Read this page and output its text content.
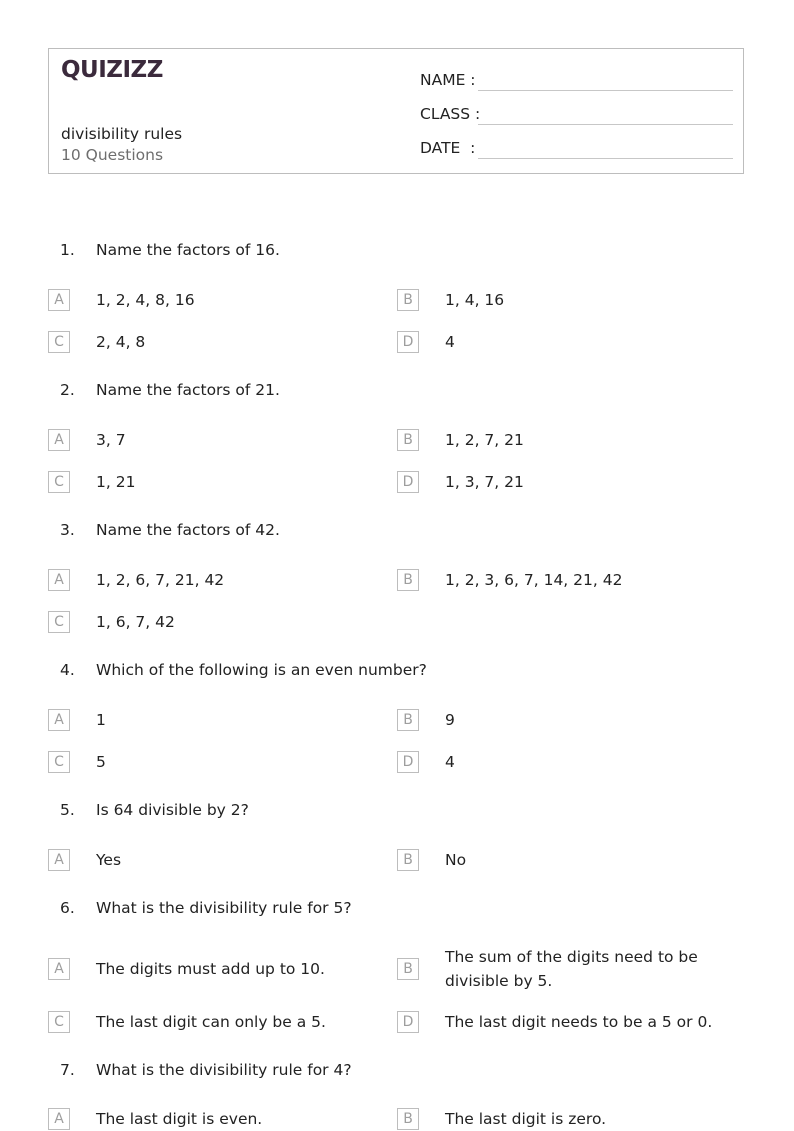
QUIZIZZ
divisibility rules
10 Questions
NAME :
CLASS :
DATE  :
1. Name the factors of 16.
A	1, 2, 4, 8, 16	B	1, 4, 16
C	2, 4, 8	D	4
2. Name the factors of 21.
A	3, 7	B	1, 2, 7, 21
C	1, 21	D	1, 3, 7, 21
3. Name the factors of 42.
A	1, 2, 6, 7, 21, 42	B	1, 2, 3, 6, 7, 14, 21, 42
C	1, 6, 7, 42
4. Which of the following is an even number?
A	1	B	9
C	5	D	4
5. Is 64 divisible by 2?
A	Yes	B	No
6. What is the divisibility rule for 5?
A	The digits must add up to 10.	B
The sum of the digits need to be divisible by 5.
C	The last digit can only be a 5.	D	The last digit needs to be a 5 or 0.
7. What is the divisibility rule for 4?
A	The last digit is even.	B	The last digit is zero.
